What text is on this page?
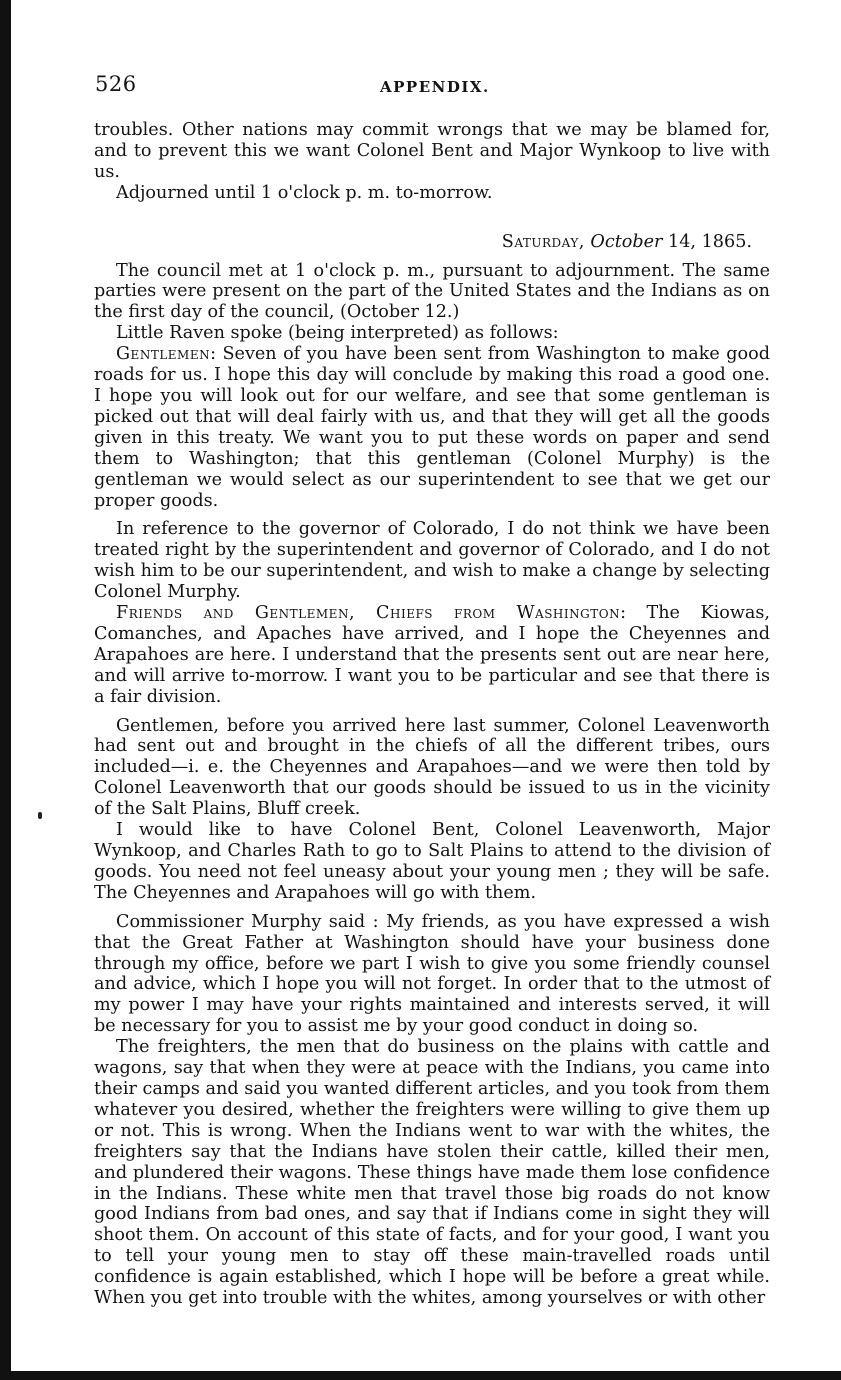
526	APPENDIX.

troubles. Other nations may commit wrongs that we may be blamed for, and to prevent this we want Colonel Bent and Major Wynkoop to live with us.

Adjourned until 1 o'clock p. m. to-morrow.

Saturday, October 14, 1865.

The council met at 1 o'clock p. m., pursuant to adjournment. The same parties were present on the part of the United States and the Indians as on the first day of the council, (October 12.)

Little Raven spoke (being interpreted) as follows:

Gentlemen: Seven of you have been sent from Washington to make good roads for us. I hope this day will conclude by making this road a good one. I hope you will look out for our welfare, and see that some gentleman is picked out that will deal fairly with us, and that they will get all the goods given in this treaty. We want you to put these words on paper and send them to Washington; that this gentleman (Colonel Murphy) is the gentleman we would select as our superintendent to see that we get our proper goods.

In reference to the governor of Colorado, I do not think we have been treated right by the superintendent and governor of Colorado, and I do not wish him to be our superintendent, and wish to make a change by selecting Colonel Murphy.

Friends and Gentlemen, Chiefs from Washington: The Kiowas, Comanches, and Apaches have arrived, and I hope the Cheyennes and Arapahoes are here. I understand that the presents sent out are near here, and will arrive to-morrow. I want you to be particular and see that there is a fair division.

Gentlemen, before you arrived here last summer, Colonel Leavenworth had sent out and brought in the chiefs of all the different tribes, ours included—i. e. the Cheyennes and Arapahoes—and we were then told by Colonel Leavenworth that our goods should be issued to us in the vicinity of the Salt Plains, Bluff creek.

I would like to have Colonel Bent, Colonel Leavenworth, Major Wynkoop, and Charles Rath to go to Salt Plains to attend to the division of goods. You need not feel uneasy about your young men ; they will be safe. The Cheyennes and Arapahoes will go with them.

Commissioner Murphy said : My friends, as you have expressed a wish that the Great Father at Washington should have your business done through my office, before we part I wish to give you some friendly counsel and advice, which I hope you will not forget. In order that to the utmost of my power I may have your rights maintained and interests served, it will be necessary for you to assist me by your good conduct in doing so.

The freighters, the men that do business on the plains with cattle and wagons, say that when they were at peace with the Indians, you came into their camps and said you wanted different articles, and you took from them whatever you desired, whether the freighters were willing to give them up or not. This is wrong. When the Indians went to war with the whites, the freighters say that the Indians have stolen their cattle, killed their men, and plundered their wagons. These things have made them lose confidence in the Indians. These white men that travel those big roads do not know good Indians from bad ones, and say that if Indians come in sight they will shoot them. On account of this state of facts, and for your good, I want you to tell your young men to stay off these main-travelled roads until confidence is again established, which I hope will be before a great while. When you get into trouble with the whites, among yourselves or with other
